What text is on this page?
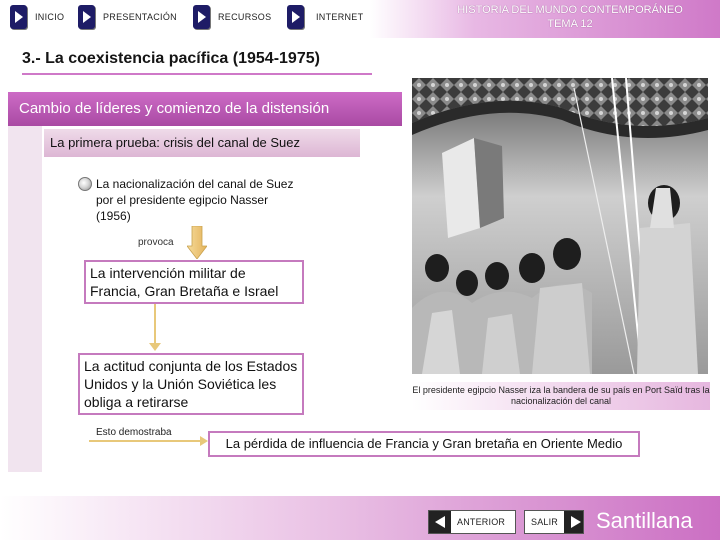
HISTORIA DEL MUNDO CONTEMPORÁNEO
TEMA 12
INICIO	PRESENTACIÓN	RECURSOS	INTERNET
3.- La coexistencia pacífica (1954-1975)
Cambio de líderes y comienzo de la distensión
La primera prueba: crisis del canal de Suez
La nacionalización del canal de Suez por el presidente egipcio Nasser (1956)
provoca
La intervención militar de Francia, Gran Bretaña e Israel
La actitud conjunta de los Estados Unidos y la Unión Soviética les obliga a retirarse
Esto demostraba
La pérdida de influencia de Francia y Gran bretaña en Oriente Medio
El presidente egipcio Nasser iza la bandera de su país en Port Saïd tras la nacionalización del canal
ANTERIOR	SALIR Santillana
